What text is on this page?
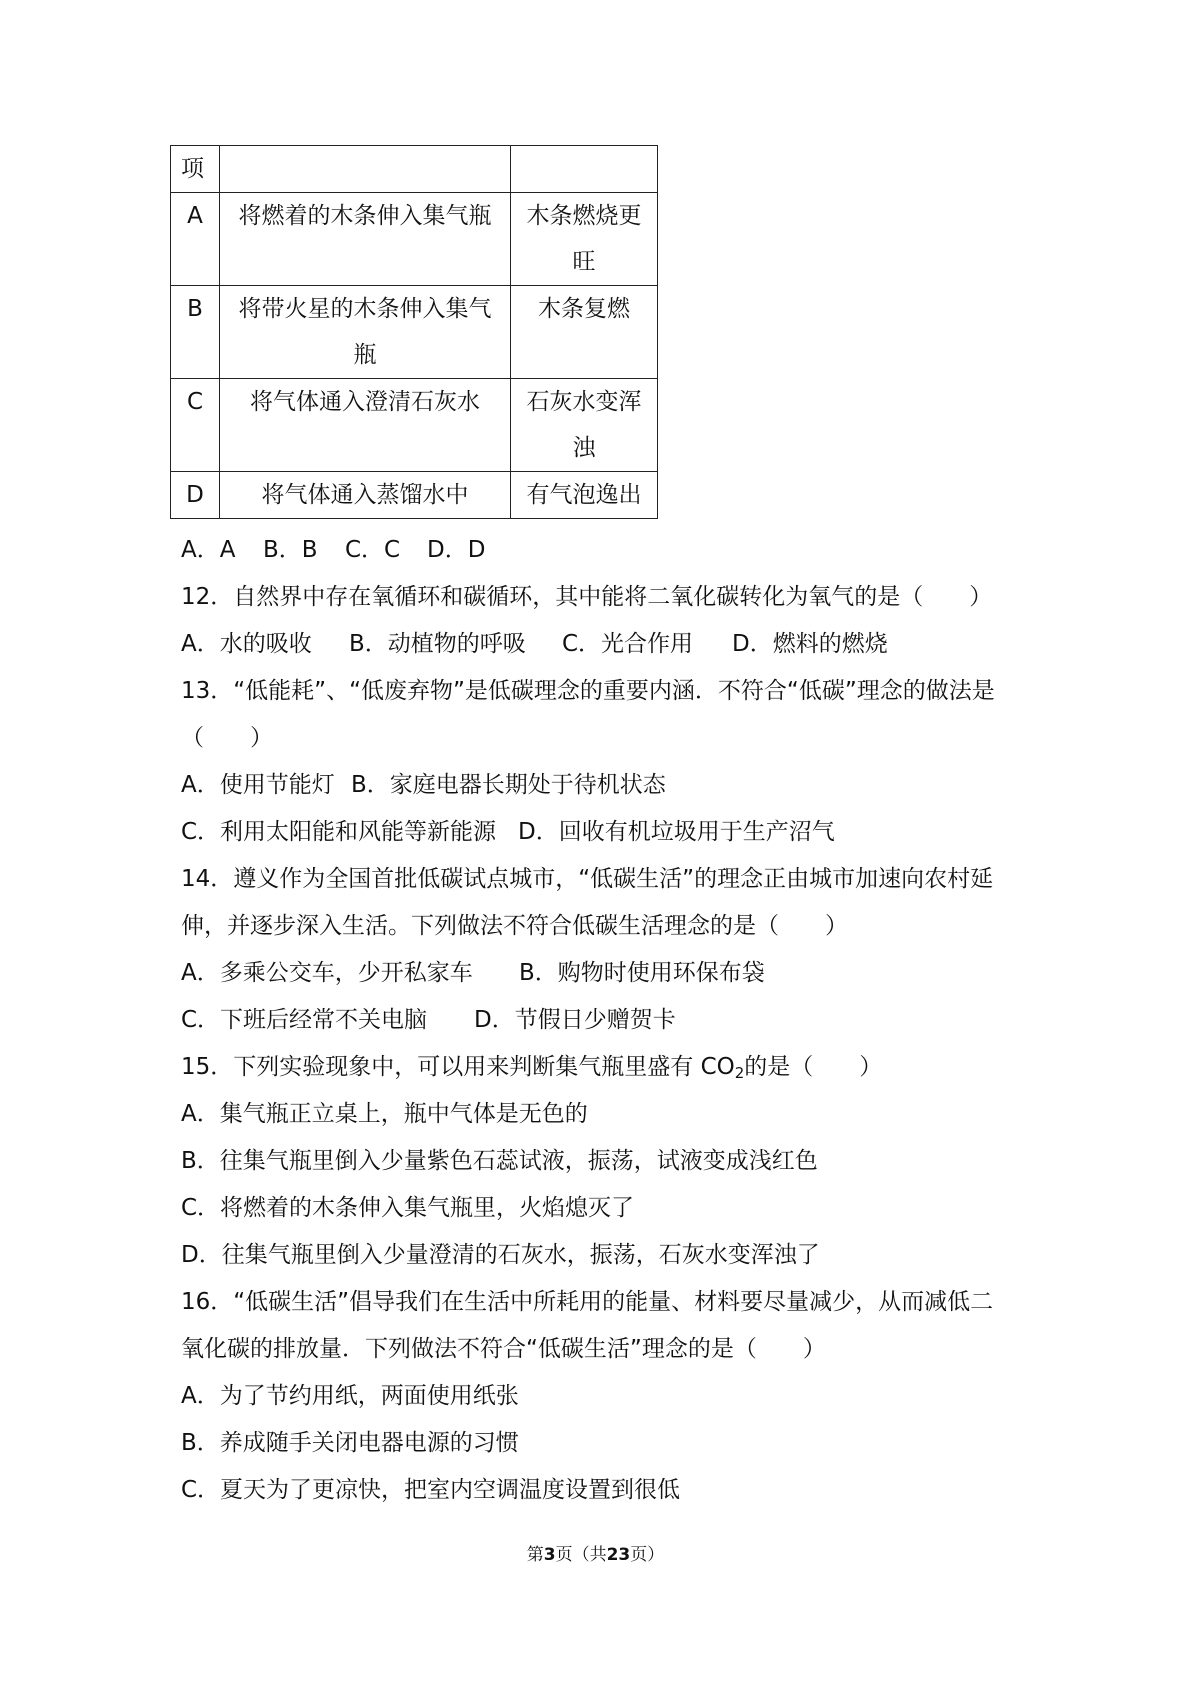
项		
A	将燃着的木条伸入集气瓶	木条燃烧更旺
B	将带火星的木条伸入集气瓶	木条复燃
C	将气体通入澄清石灰水	石灰水变浑浊
D	将气体通入蒸馏水中	有气泡逸出
A．A B．B C．C D．D
12．自然界中存在氧循环和碳循环，其中能将二氧化碳转化为氧气的是（　　）
A．水的吸收 B．动植物的呼吸 C．光合作用 D．燃料的燃烧
13．“低能耗”、“低废弃物”是低碳理念的重要内涵．不符合“低碳”理念的做法是
（　　）
A．使用节能灯 B．家庭电器长期处于待机状态
C．利用太阳能和风能等新能源 D．回收有机垃圾用于生产沼气
14．遵义作为全国首批低碳试点城市，“低碳生活”的理念正由城市加速向农村延
伸，并逐步深入生活。下列做法不符合低碳生活理念的是（　　）
A．多乘公交车，少开私家车 B．购物时使用环保布袋
C．下班后经常不关电脑 D．节假日少赠贺卡
15．下列实验现象中，可以用来判断集气瓶里盛有 $CO_2$的是（　　）
A．集气瓶正立桌上，瓶中气体是无色的
B．往集气瓶里倒入少量紫色石蕊试液，振荡，试液变成浅红色
C．将燃着的木条伸入集气瓶里，火焰熄灭了
D．往集气瓶里倒入少量澄清的石灰水，振荡，石灰水变浑浊了
16．“低碳生活”倡导我们在生活中所耗用的能量、材料要尽量减少，从而减低二
氧化碳的排放量．下列做法不符合“低碳生活”理念的是（　　）
A．为了节约用纸，两面使用纸张
B．养成随手关闭电器电源的习惯
C．夏天为了更凉快，把室内空调温度设置到很低
第3页（共23页）
